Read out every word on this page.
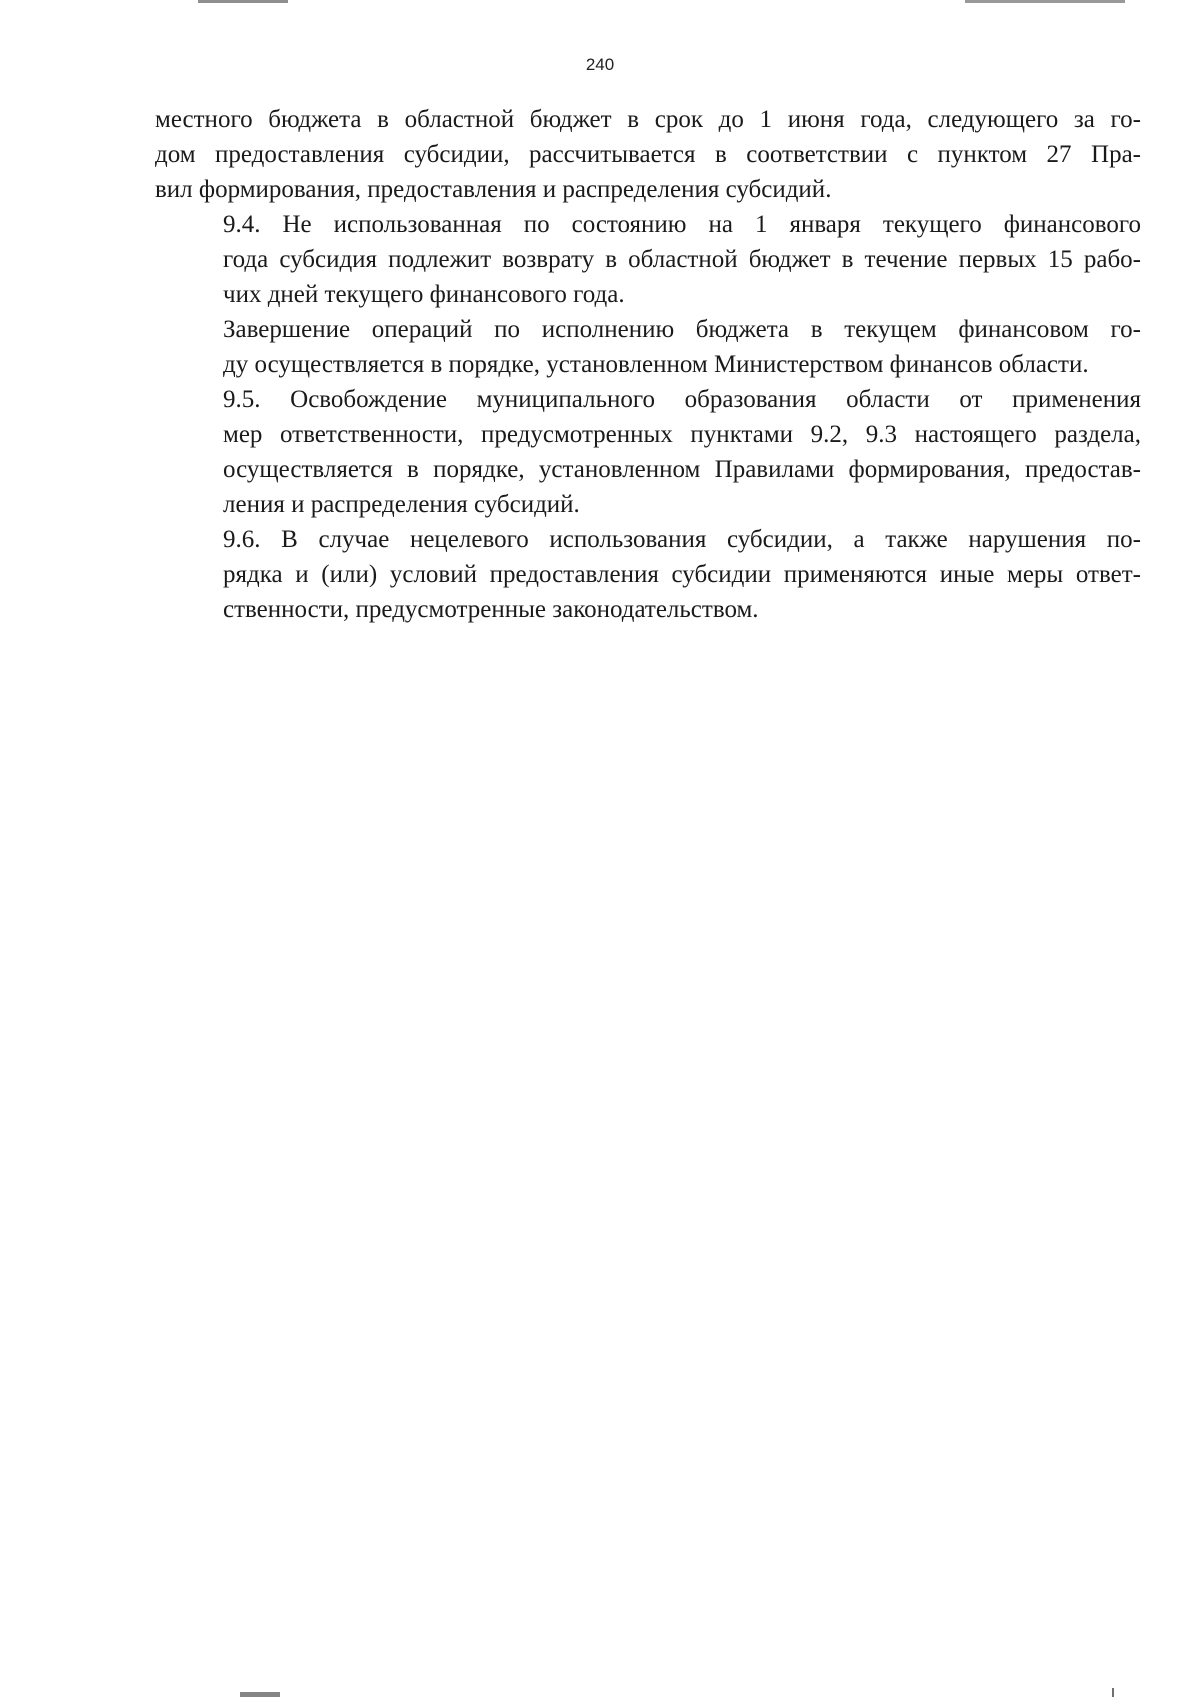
240

местного бюджета в областной бюджет в срок до 1 июня года, следующего за го-
дом предоставления субсидии, рассчитывается в соответствии с пунктом 27 Пра-
вил формирования, предоставления и распределения субсидий.

9.4. Не использованная по состоянию на 1 января текущего финансового
года субсидия подлежит возврату в областной бюджет в течение первых 15 рабо-
чих дней текущего финансового года.

Завершение операций по исполнению бюджета в текущем финансовом го-
ду осуществляется в порядке, установленном Министерством финансов области.

9.5. Освобождение муниципального образования области от применения
мер ответственности, предусмотренных пунктами 9.2, 9.3 настоящего раздела,
осуществляется в порядке, установленном Правилами формирования, предостав-
ления и распределения субсидий.

9.6. В случае нецелевого использования субсидии, а также нарушения по-
рядка и (или) условий предоставления субсидии применяются иные меры ответ-
ственности, предусмотренные законодательством.
